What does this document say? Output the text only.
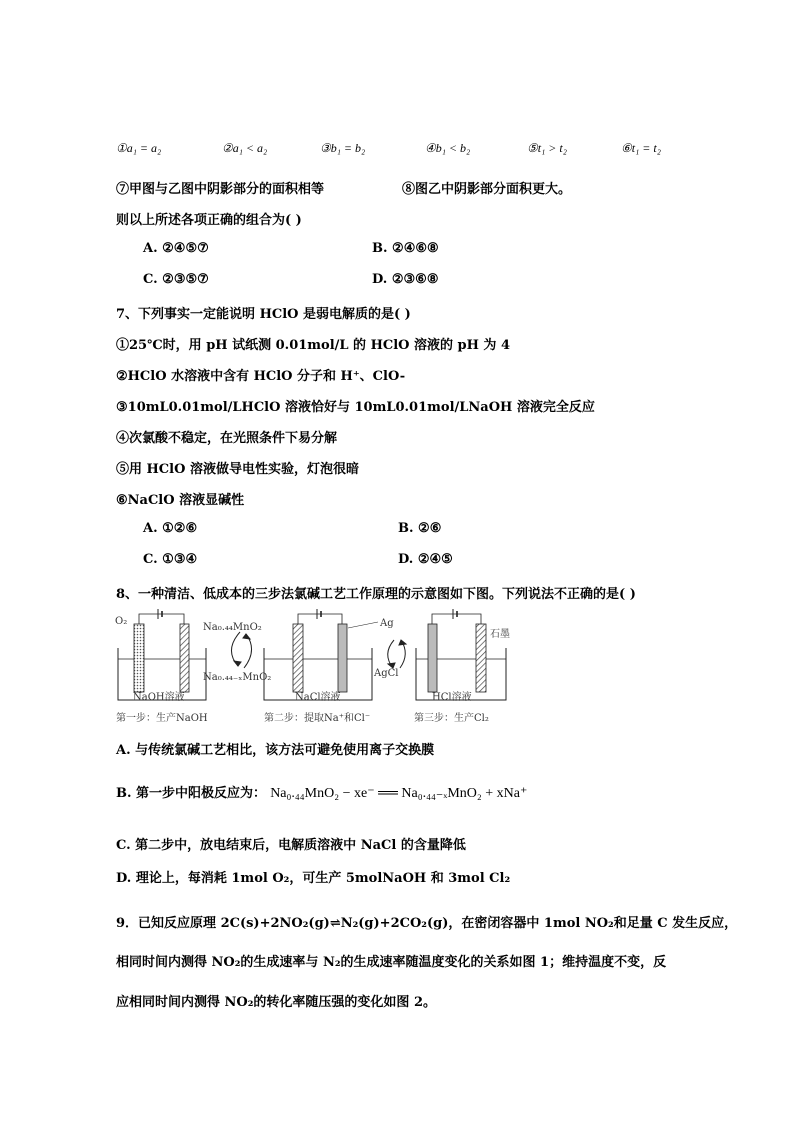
①a₁ = a₂	②a₁ < a₂	③b₁ = b₂	④b₁ < b₂	⑤t₁ > t₂	⑥t₁ = t₂
⑦甲图与乙图中阴影部分的面积相等	⑧图乙中阴影部分面积更大。
则以上所述各项正确的组合为( )
A. ②④⑤⑦	B. ②④⑥⑧
C. ②③⑤⑦	D. ②③⑥⑧
7、下列事实一定能说明 HClO 是弱电解质的是( )
①25℃时，用 pH 试纸测 0.01mol/L 的 HClO 溶液的 pH 为 4
②HClO 水溶液中含有 HClO 分子和 H⁺、ClO-
③10mL0.01mol/LHClO 溶液恰好与 10mL0.01mol/LNaOH 溶液完全反应
④次氯酸不稳定，在光照条件下易分解
⑤用 HClO 溶液做导电性实验，灯泡很暗
⑥NaClO 溶液显碱性
A. ①②⑥	B. ②⑥
C. ①③④	D. ②④⑤
8、一种清洁、低成本的三步法氯碱工艺工作原理的示意图如下图。下列说法不正确的是( )
O₂
Na₀.₄₄MnO₂
Na₀.₄₄₋ₓMnO₂
Ag
AgCl
石墨
NaOH溶液	NaCl溶液	HCl溶液
第一步：生产NaOH	第二步：提取Na⁺和Cl⁻	第三步：生产Cl₂
A. 与传统氯碱工艺相比，该方法可避免使用离子交换膜
B. 第一步中阳极反应为： Na₀.₄₄MnO₂ − xe⁻ ══ Na₀.₄₄₋ₓMnO₂ + xNa⁺
C. 第二步中，放电结束后，电解质溶液中 NaCl 的含量降低
D. 理论上，每消耗 1mol O₂，可生产 5molNaOH 和 3mol Cl₂
9．已知反应原理 2C(s)+2NO₂(g)⇌N₂(g)+2CO₂(g)，在密闭容器中 1mol NO₂和足量 C 发生反应，
相同时间内测得 NO₂的生成速率与 N₂的生成速率随温度变化的关系如图 1；维持温度不变，反
应相同时间内测得 NO₂的转化率随压强的变化如图 2。
